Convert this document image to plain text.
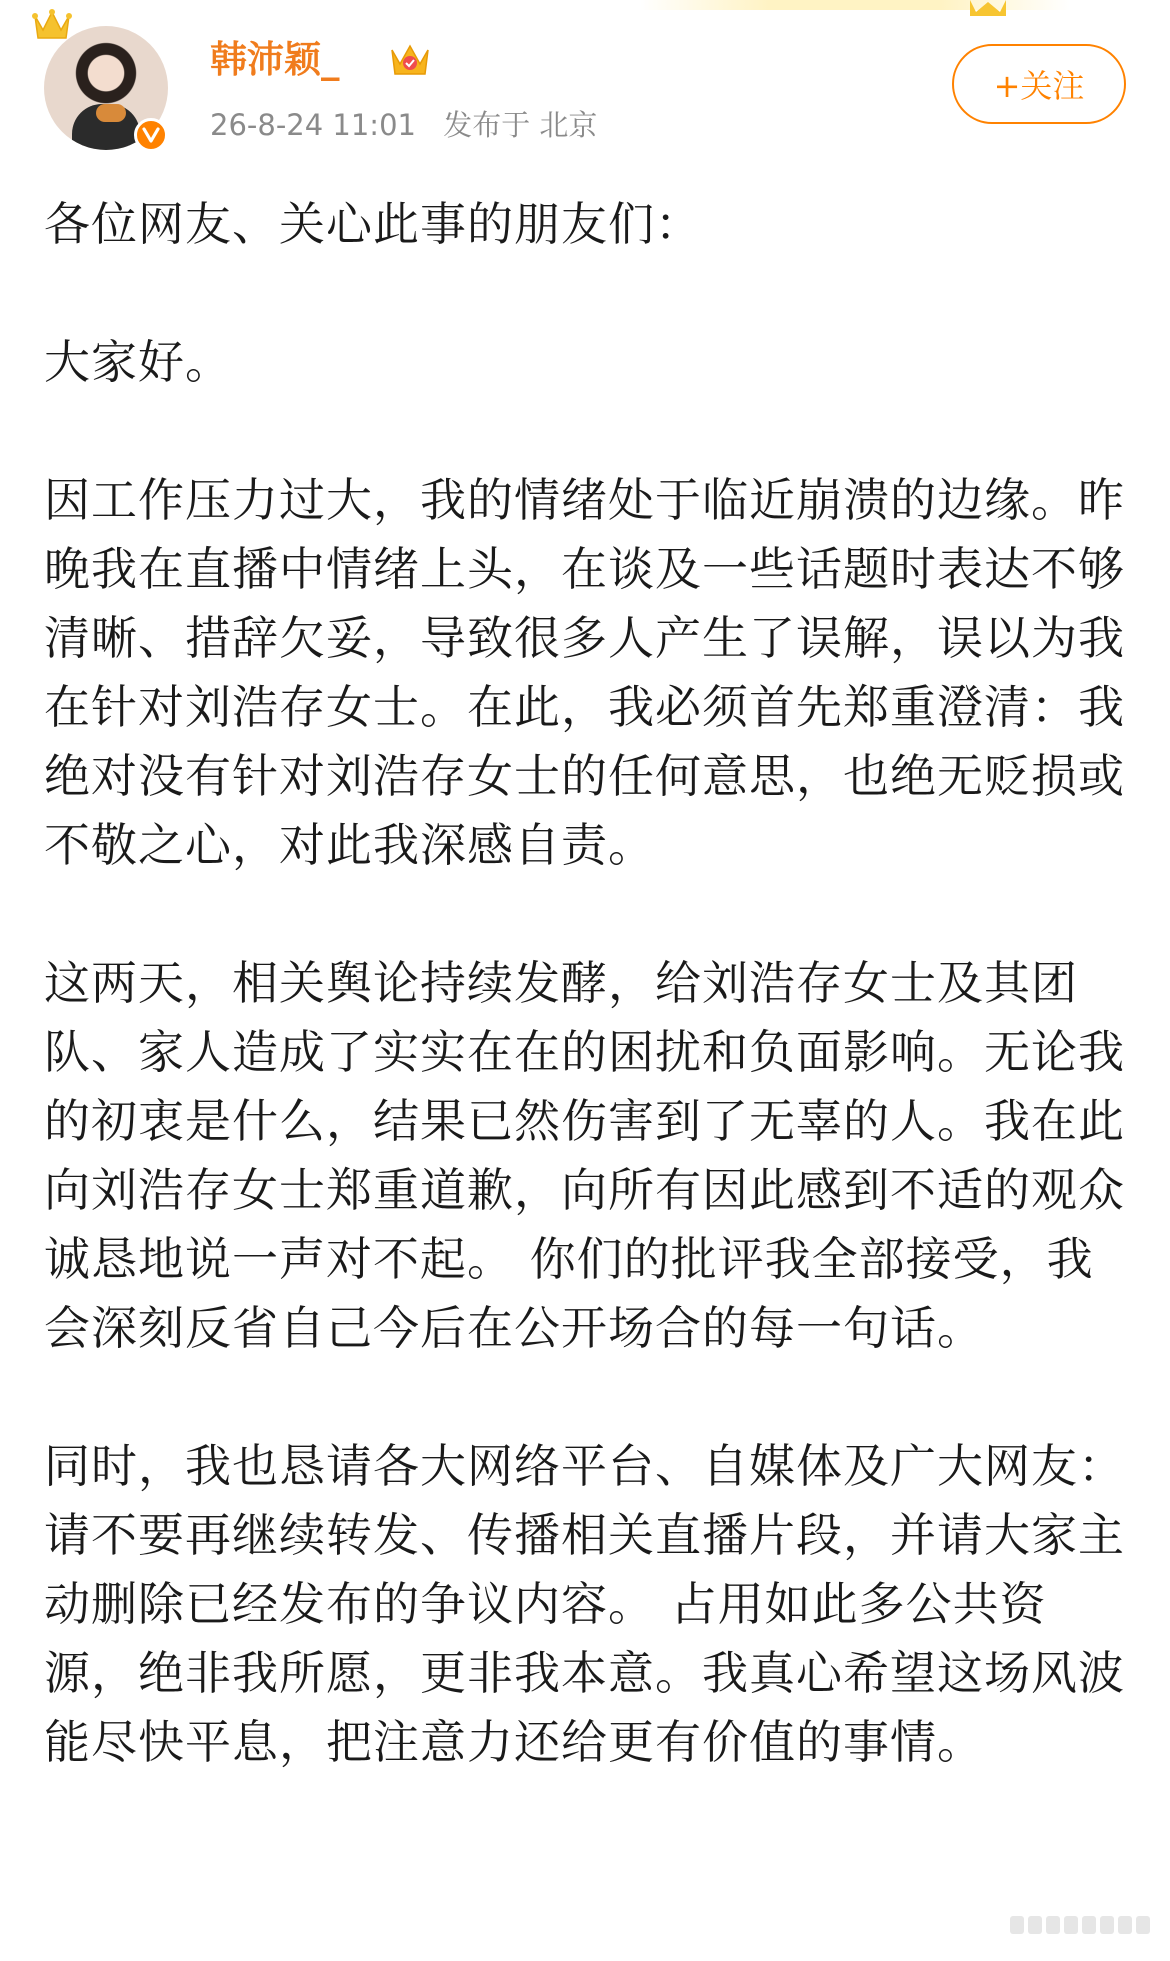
韩沛颖_
26-8-24 11:01 发布于 北京
+关注

各位网友、关心此事的朋友们：

大家好。

因工作压力过大，我的情绪处于临近崩溃的边缘。昨晚我在直播中情绪上头，在谈及一些话题时表达不够清晰、措辞欠妥，导致很多人产生了误解，误以为我在针对刘浩存女士。在此，我必须首先郑重澄清：我绝对没有针对刘浩存女士的任何意思，也绝无贬损或不敬之心，对此我深感自责。

这两天，相关舆论持续发酵，给刘浩存女士及其团队、家人造成了实实在在的困扰和负面影响。无论我的初衷是什么，结果已然伤害到了无辜的人。我在此向刘浩存女士郑重道歉，向所有因此感到不适的观众诚恳地说一声对不起。 你们的批评我全部接受，我会深刻反省自己今后在公开场合的每一句话。

同时，我也恳请各大网络平台、自媒体及广大网友：请不要再继续转发、传播相关直播片段，并请大家主动删除已经发布的争议内容。 占用如此多公共资源，绝非我所愿，更非我本意。我真心希望这场风波能尽快平息，把注意力还给更有价值的事情。
